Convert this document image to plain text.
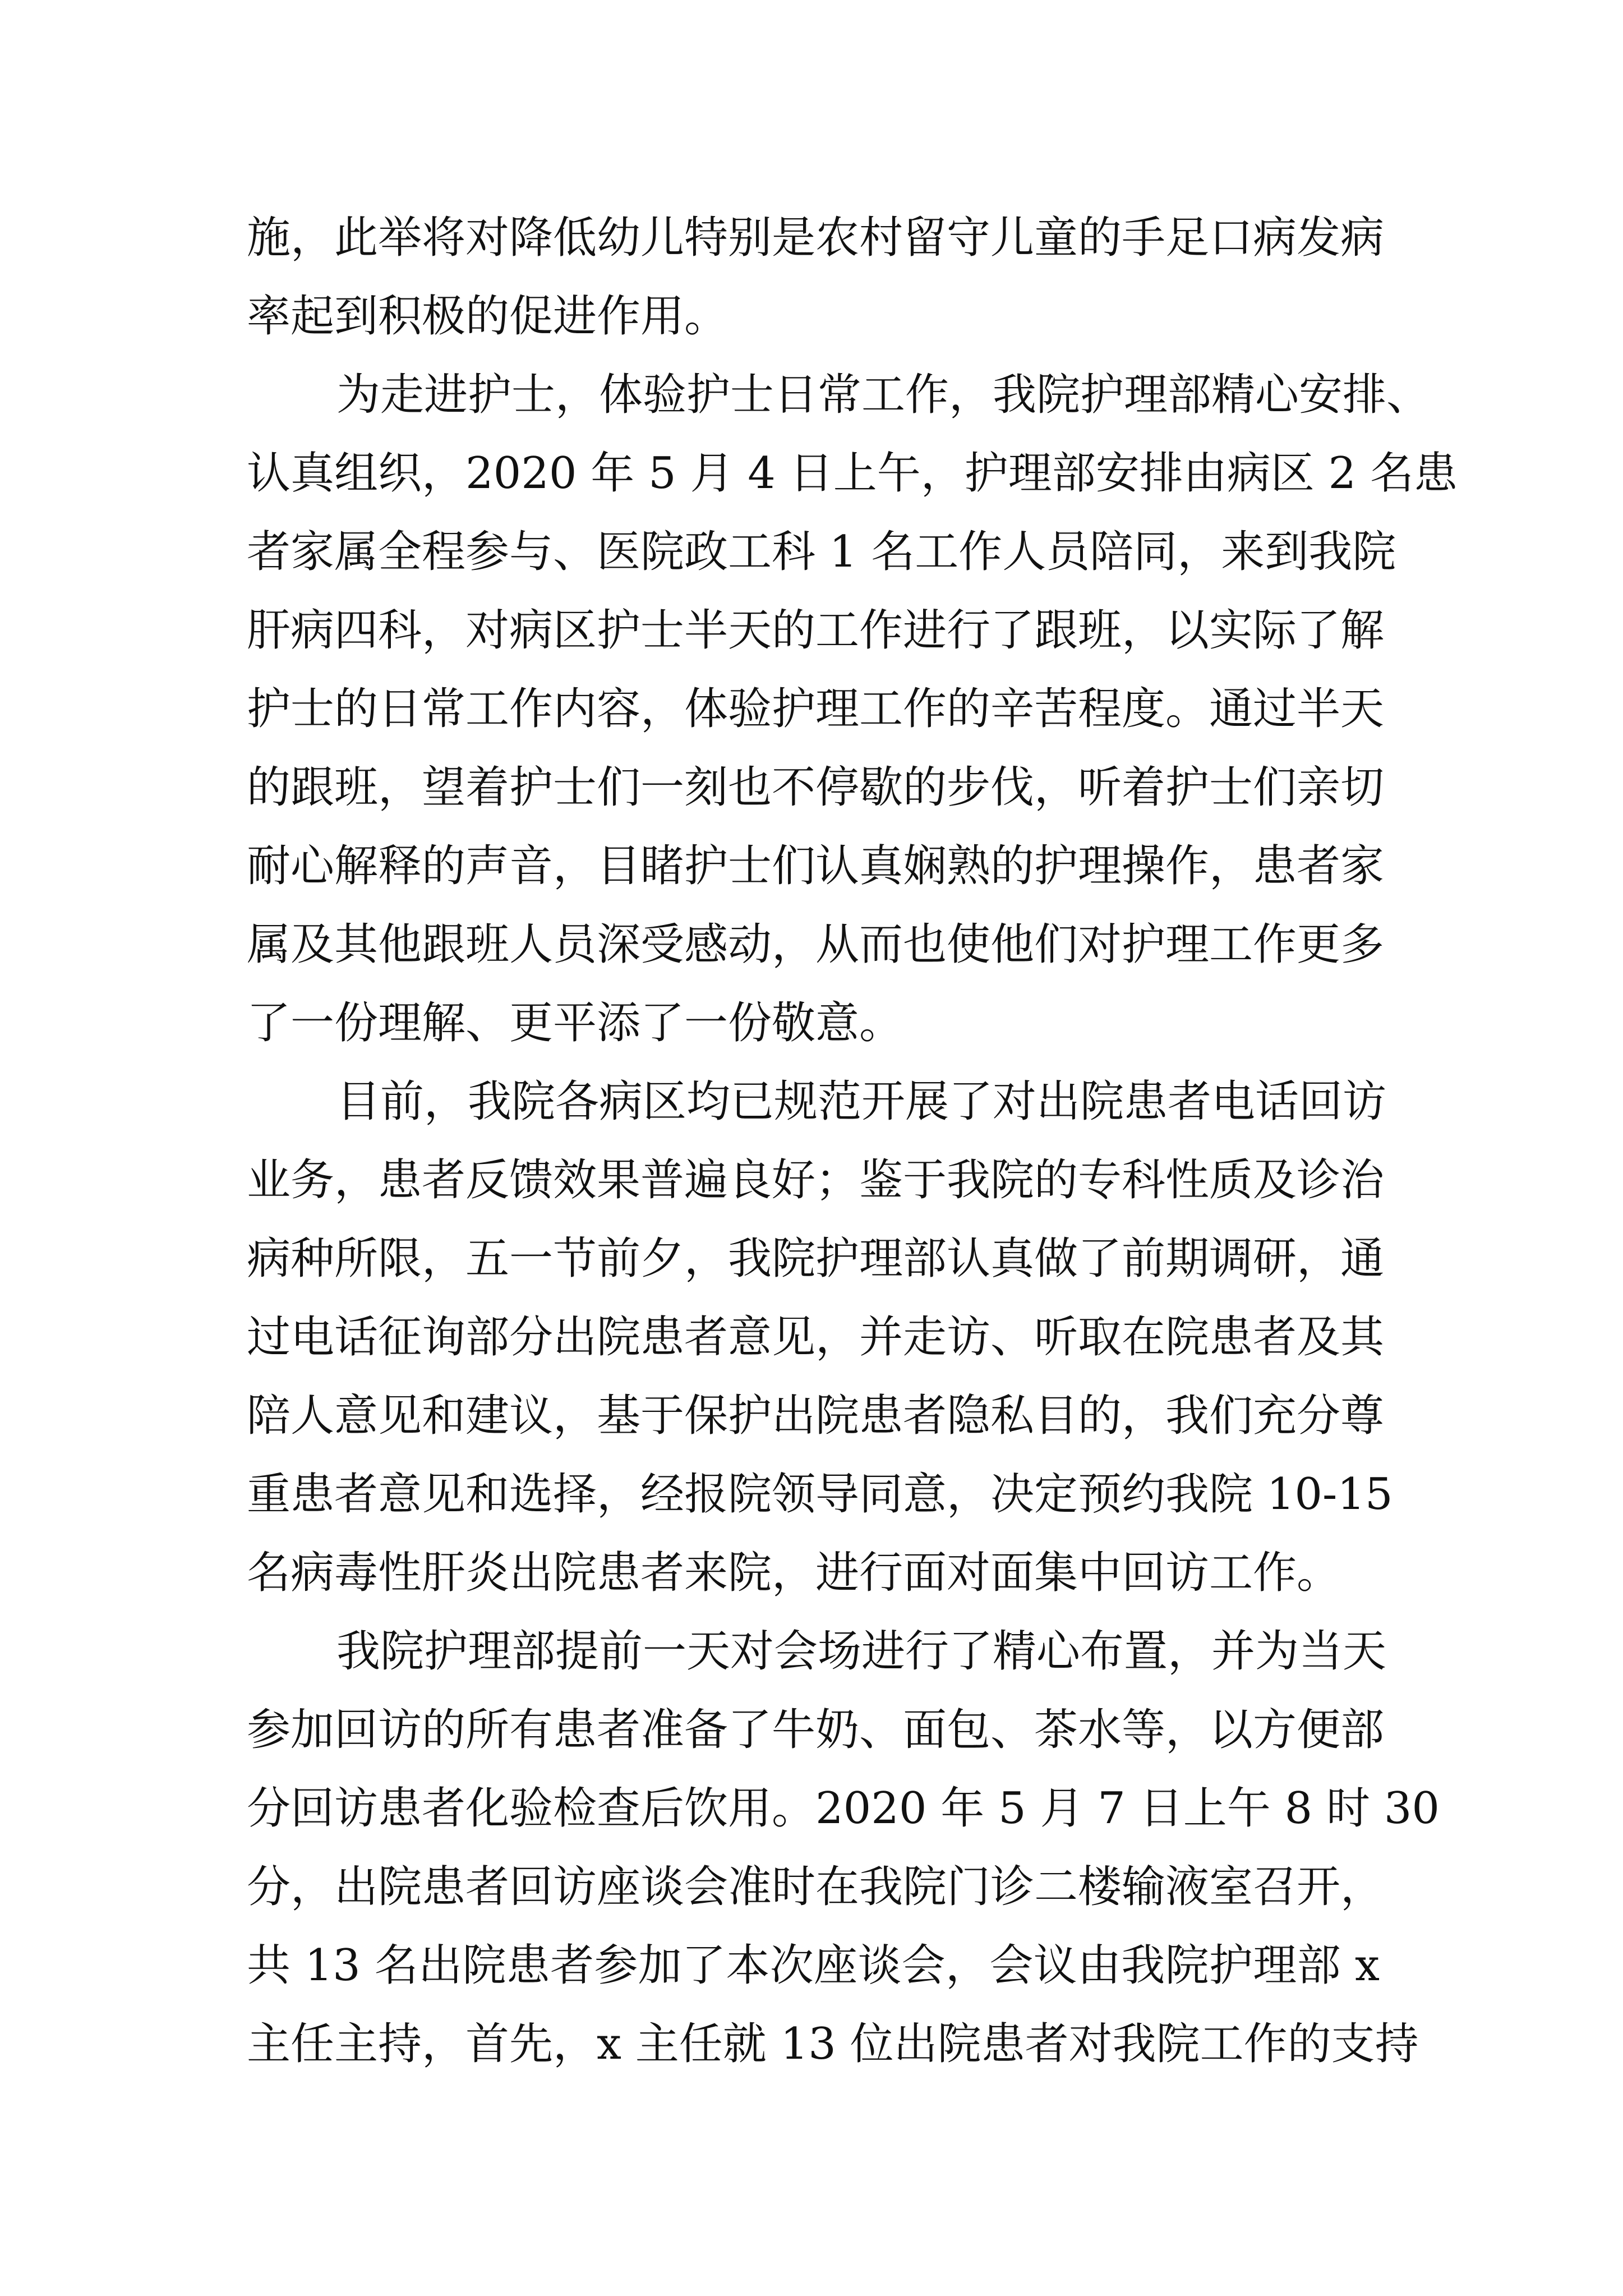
施，此举将对降低幼儿特别是农村留守儿童的手足口病发病
率起到积极的促进作用。
为走进护士，体验护士日常工作，我院护理部精心安排、
认真组织，2020 年 5 月 4 日上午，护理部安排由病区 2 名患
者家属全程参与、医院政工科 1 名工作人员陪同，来到我院
肝病四科，对病区护士半天的工作进行了跟班，以实际了解
护士的日常工作内容，体验护理工作的辛苦程度。通过半天
的跟班，望着护士们一刻也不停歇的步伐，听着护士们亲切
耐心解释的声音，目睹护士们认真娴熟的护理操作，患者家
属及其他跟班人员深受感动，从而也使他们对护理工作更多
了一份理解、更平添了一份敬意。
目前，我院各病区均已规范开展了对出院患者电话回访
业务，患者反馈效果普遍良好；鉴于我院的专科性质及诊治
病种所限，五一节前夕，我院护理部认真做了前期调研，通
过电话征询部分出院患者意见，并走访、听取在院患者及其
陪人意见和建议，基于保护出院患者隐私目的，我们充分尊
重患者意见和选择，经报院领导同意，决定预约我院 10-15
名病毒性肝炎出院患者来院，进行面对面集中回访工作。
我院护理部提前一天对会场进行了精心布置，并为当天
参加回访的所有患者准备了牛奶、面包、茶水等，以方便部
分回访患者化验检查后饮用。2020 年 5 月 7 日上午 8 时 30
分，出院患者回访座谈会准时在我院门诊二楼输液室召开，
共 13 名出院患者参加了本次座谈会，会议由我院护理部 x
主任主持，首先，x 主任就 13 位出院患者对我院工作的支持
